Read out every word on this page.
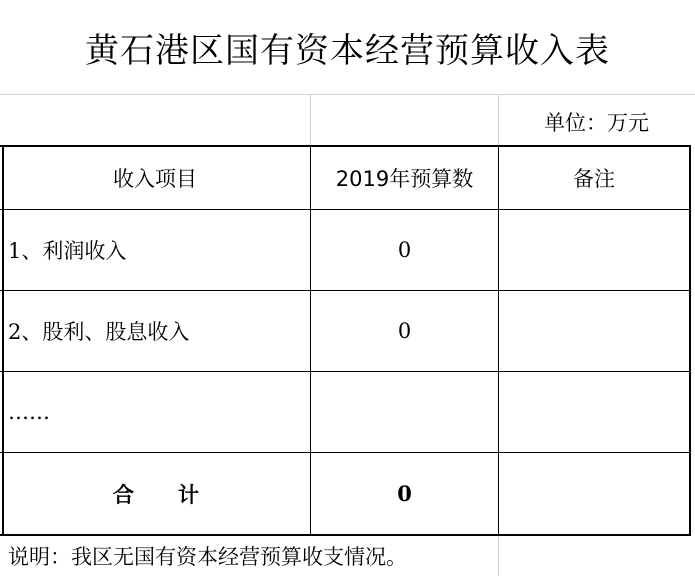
黄石港区国有资本经营预算收入表
单位：万元
收入项目	2019年预算数	备注
1、利润收入	0
2、股利、股息收入	0
……
合计	0
说明：我区无国有资本经营预算收支情况。
